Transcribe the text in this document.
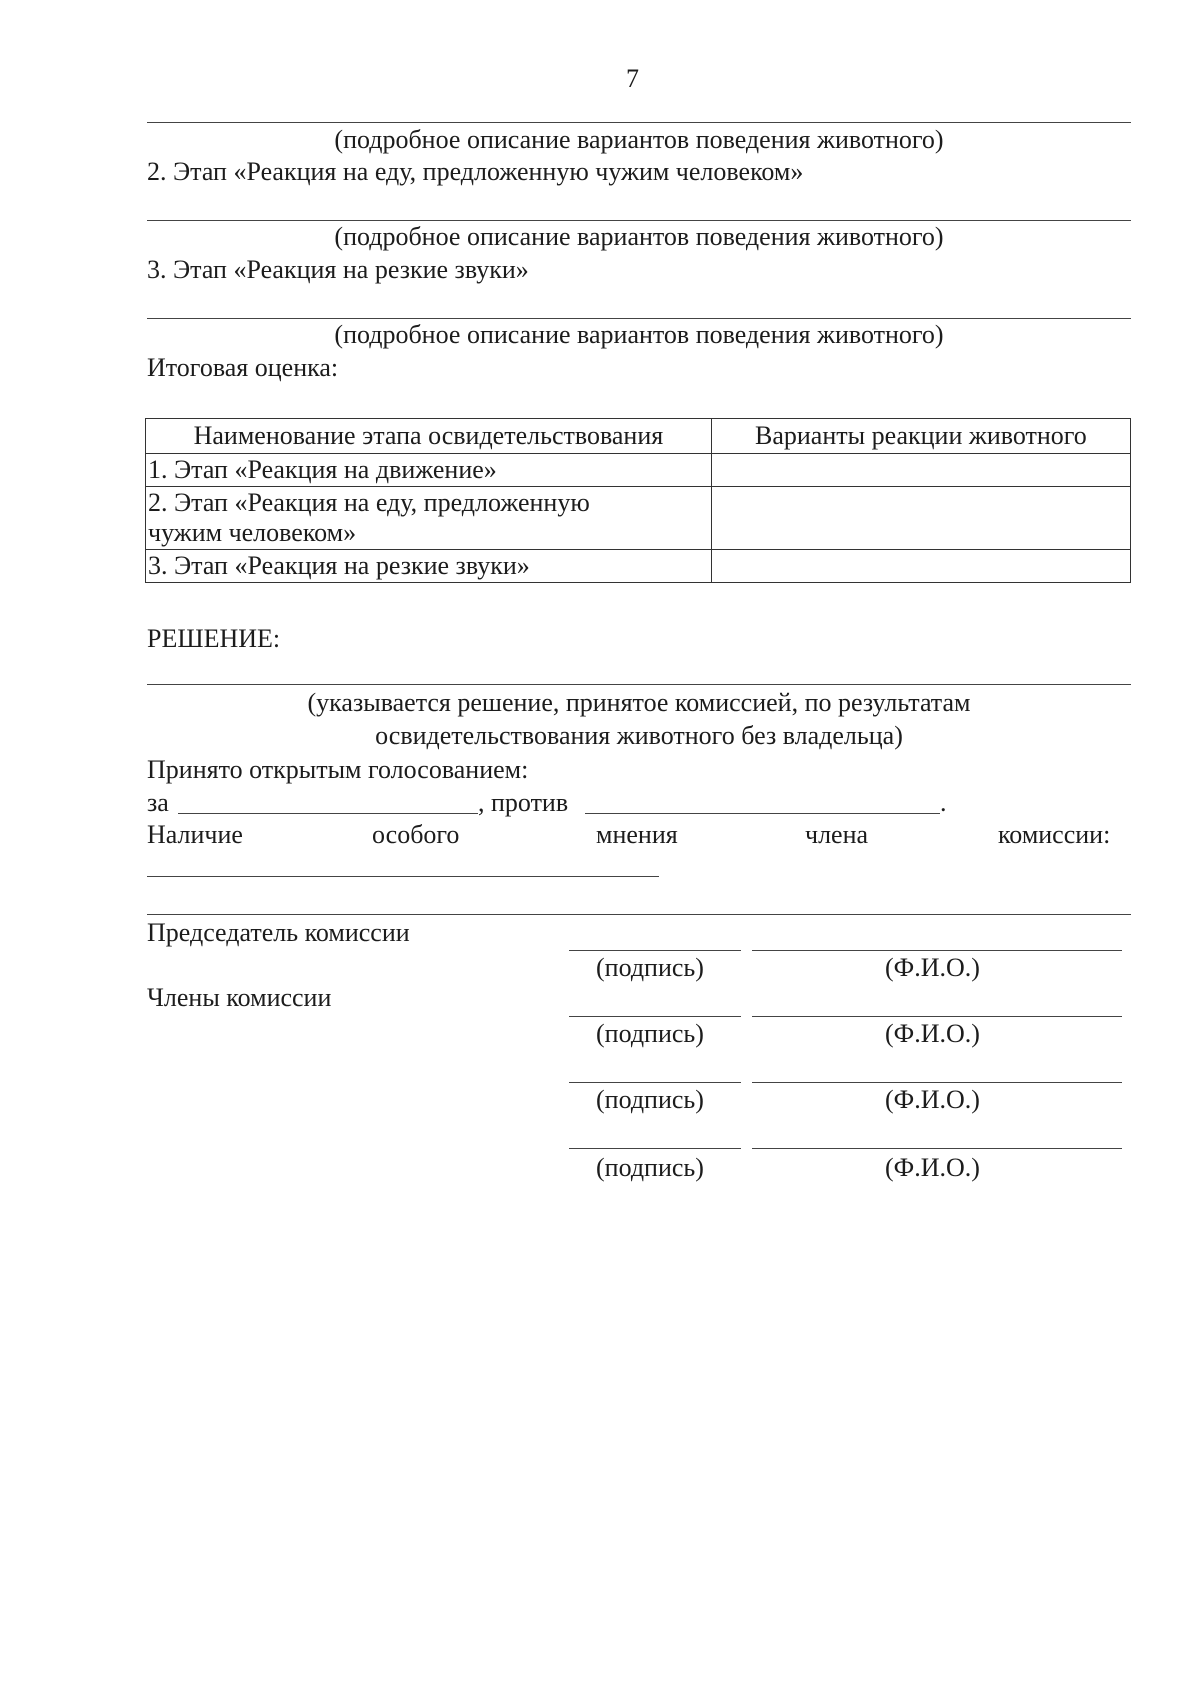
7
(подробное описание вариантов поведения животного)
2. Этап «Реакция на еду, предложенную чужим человеком»
(подробное описание вариантов поведения животного)
3. Этап «Реакция на резкие звуки»
(подробное описание вариантов поведения животного)
Итоговая оценка:
Наименование этапа освидетельствования	Варианты реакции животного
1. Этап «Реакция на движение»	

2. Этап «Реакция на еду, предложенную чужим человеком»	

3. Этап «Реакция на резкие звуки»	
РЕШЕНИЕ:
(указывается решение, принятое комиссией, по результатам
освидетельствования животного без владельца)
Принято открытым голосованием:
за	, против	.
Наличие	особого	мнения	члена	комиссии:
Председатель комиссии
Члены комиссии
(подпись)	(Ф.И.О.)
(подпись)	(Ф.И.О.)
(подпись)	(Ф.И.О.)
(подпись)	(Ф.И.О.)
